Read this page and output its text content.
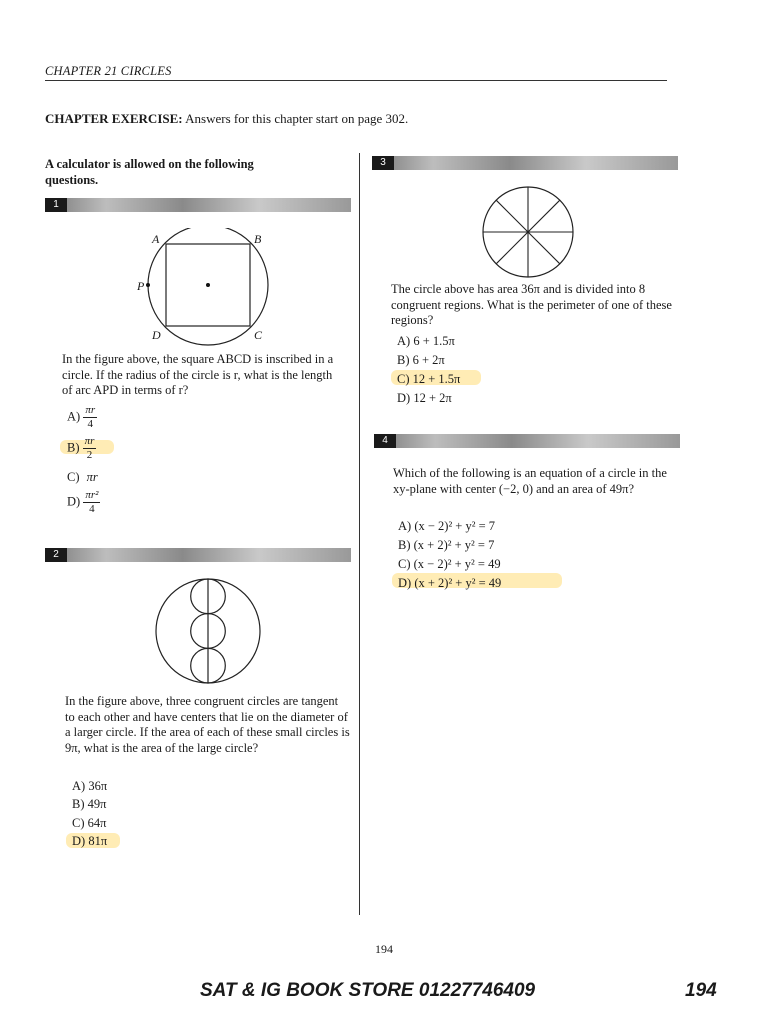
CHAPTER 21 CIRCLES
CHAPTER EXERCISE: Answers for this chapter start on page 302.
A calculator is allowed on the following questions.
1
A	B
C
D
P
In the figure above, the square ABCD is inscribed in a circle. If the radius of the circle is r, what is the length of arc APD in terms of r?
$A) \frac{\pi r}{4}$
$B) \frac{\pi r}{2}$
C) πr
$D) \frac{\text{πr²}}{4}$
2
In the figure above, three congruent circles are tangent to each other and have centers that lie on the diameter of a larger circle. If the area of each of these small circles is 9π, what is the area of the large circle?
A) 36π
B) 49π
C) 64π
D) 81π
3
The circle above has area 36π and is divided into 8 congruent regions. What is the perimeter of one of these regions?
A) 6 + 1.5π
B) 6 + 2π
C) 12 + 1.5π
D) 12 + 2π
4
Which of the following is an equation of a circle in the xy-plane with center (−2, 0) and an area of 49π?
A) (x − 2)² + y² = 7
B) (x + 2)² + y² = 7
C) (x − 2)² + y² = 49
D) (x + 2)² + y² = 49
194
SAT & IG BOOK STORE 01227746409	194
